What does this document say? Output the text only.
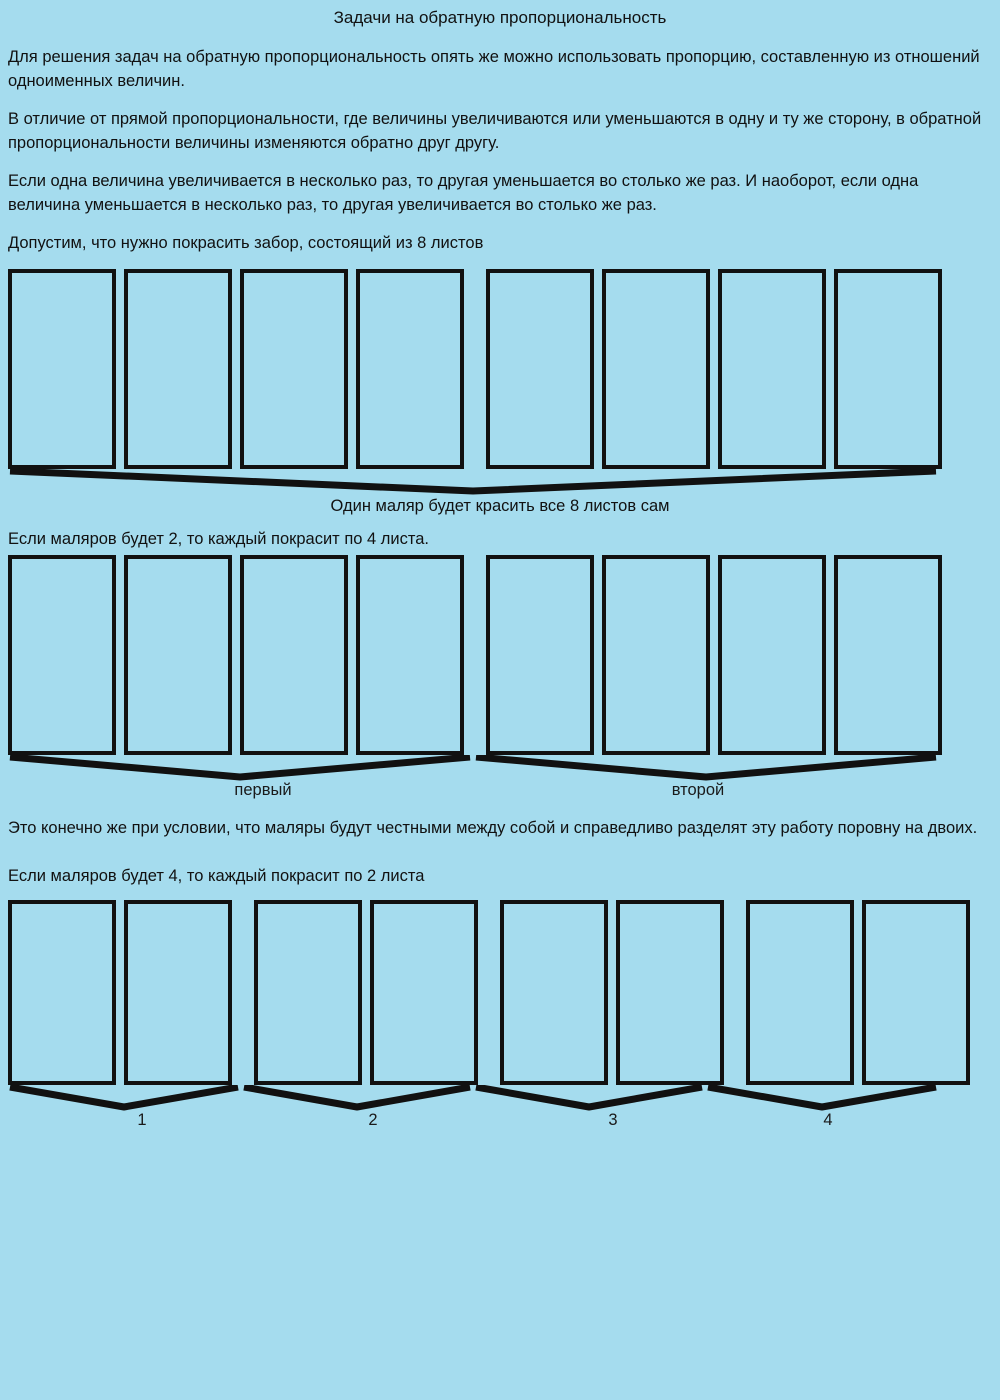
Задачи на обратную пропорциональность
Для решения задач на обратную пропорциональность опять же можно использовать пропорцию, составленную из отношений одноименных величин.
В отличие от прямой пропорциональности, где величины увеличиваются или уменьшаются в одну и ту же сторону, в обратной пропорциональности величины изменяются обратно друг другу.
Если одна величина увеличивается в несколько раз, то другая уменьшается во столько же раз. И наоборот, если одна величина уменьшается в несколько раз, то другая увеличивается во столько же раз.
Допустим, что нужно покрасить забор, состоящий из 8 листов
Один маляр будет красить все 8 листов сам
Если маляров будет 2, то каждый покрасит по 4 листа.
первый	второй
Это конечно же при условии, что маляры будут честными между собой и справедливо разделят эту работу поровну на двоих.
Если маляров будет 4, то каждый покрасит по 2 листа
1	2	3	4
